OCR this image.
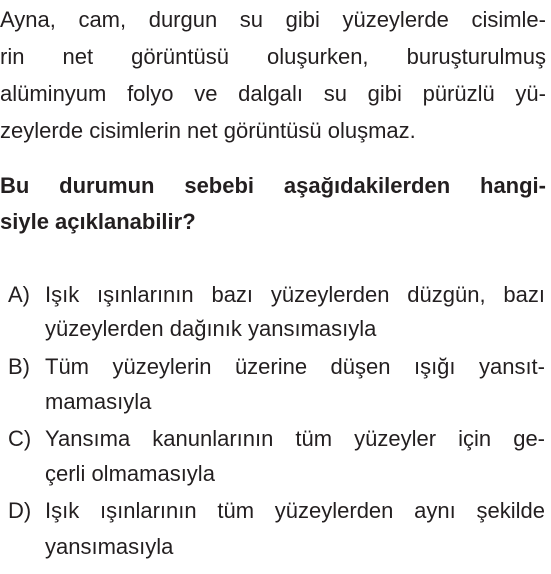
Ayna, cam, durgun su gibi yüzeylerde cisimle-
rin net görüntüsü oluşurken, buruşturulmuş
alüminyum folyo ve dalgalı su gibi pürüzlü yü-
zeylerde cisimlerin net görüntüsü oluşmaz.
Bu durumun sebebi aşağıdakilerden hangi-
siyle açıklanabilir?
A) Işık ışınlarının bazı yüzeylerden düzgün, bazı
yüzeylerden dağınık yansımasıyla
B) Tüm yüzeylerin üzerine düşen ışığı yansıt-
mamasıyla
C) Yansıma kanunlarının tüm yüzeyler için ge-
çerli olmamasıyla
D) Işık ışınlarının tüm yüzeylerden aynı şekilde
yansımasıyla
